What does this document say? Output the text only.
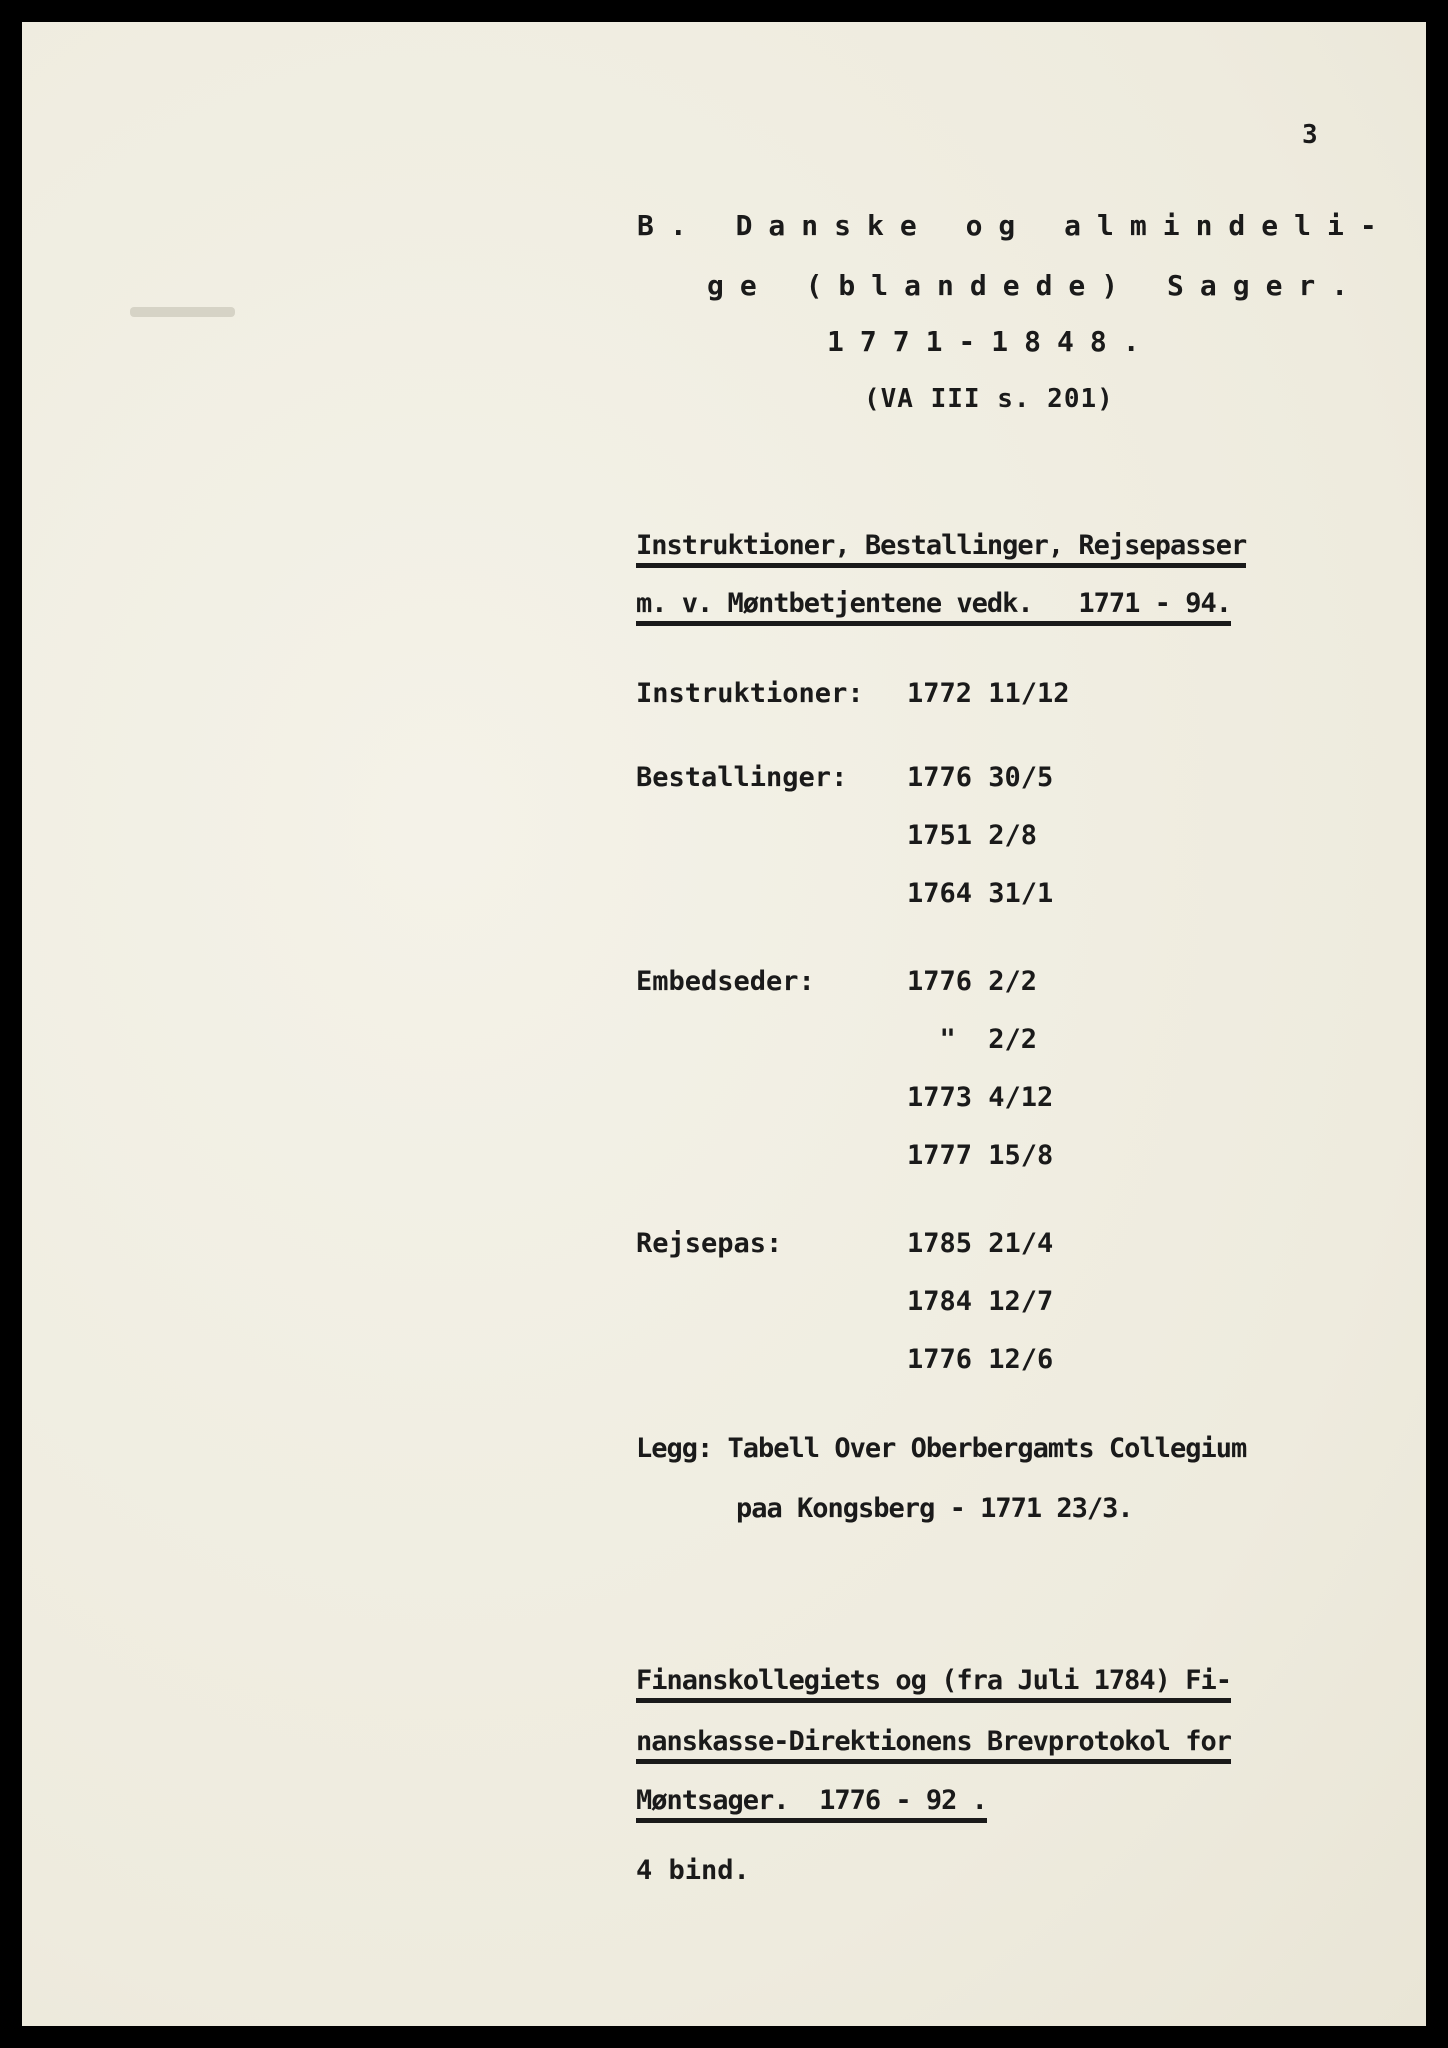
3
B. Danske og almindeli-
ge (blandede) Sager.
1771-1848.
(VA III s. 201)
Instruktioner, Bestallinger, Rejsepasser
m. v. Møntbetjentene vedk.   1771 - 94.
Instruktioner: 1772 11/12
Bestallinger: 1776 30/5
1751 2/8
1764 31/1
Embedseder:	1776 2/2
"  2/2
1773 4/12
1777 15/8
Rejsepas:	1785 21/4
1784 12/7
1776 12/6
Legg: Tabell Over Oberbergamts Collegium
paa Kongsberg - 1771 23/3.
Finanskollegiets og (fra Juli 1784) Fi-
nanskasse-Direktionens Brevprotokol for
Møntsager.  1776 - 92 .
4 bind.
